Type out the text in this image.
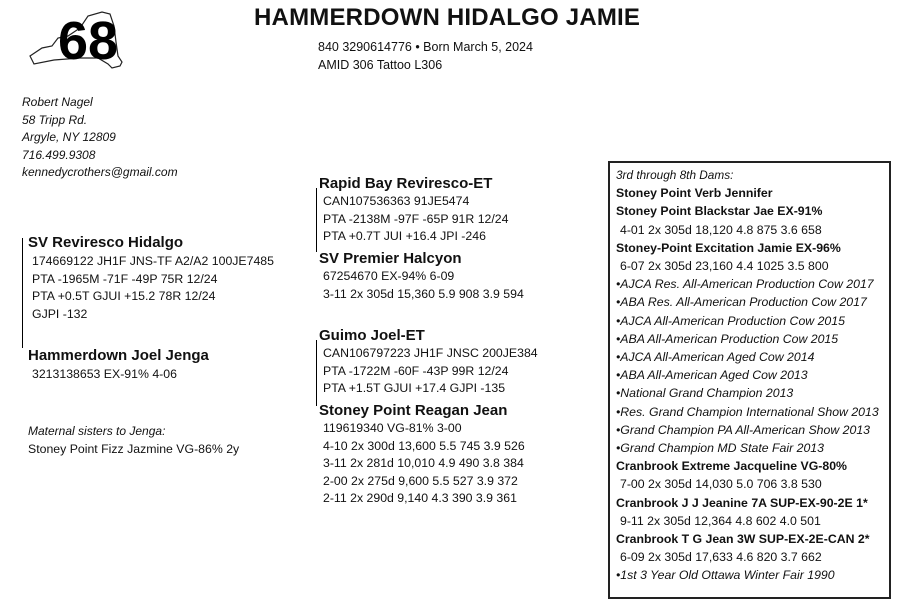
68	HAMMERDOWN HIDALGO JAMIE
840 3290614776 • Born March 5, 2024
AMID 306 Tattoo L306
Robert Nagel
58 Tripp Rd.
Argyle, NY 12809
716.499.9308
kennedycrothers@gmail.com
SV Reviresco Hidalgo
174669122 JH1F JNS-TF A2/A2 100JE7485
PTA -1965M -71F -49P 75R 12/24
PTA +0.5T GJUI +15.2 78R 12/24
GJPI -132
Hammerdown Joel Jenga
3213138653 EX-91% 4-06
Maternal sisters to Jenga:
Stoney Point Fizz Jazmine VG-86% 2y
Rapid Bay Reviresco-ET
CAN107536363 91JE5474
PTA -2138M -97F -65P 91R 12/24
PTA +0.7T JUI +16.4 JPI -246
SV Premier Halcyon
67254670 EX-94% 6-09
3-11 2x 305d 15,360 5.9 908 3.9 594
Guimo Joel-ET
CAN106797223 JH1F JNSC 200JE384
PTA -1722M -60F -43P 99R 12/24
PTA +1.5T GJUI +17.4 GJPI -135
Stoney Point Reagan Jean
119619340 VG-81% 3-00
4-10 2x 300d 13,600 5.5 745 3.9 526
3-11 2x 281d 10,010 4.9 490 3.8 384
2-00 2x 275d 9,600 5.5 527 3.9 372
2-11 2x 290d 9,140 4.3 390 3.9 361
3rd through 8th Dams:
Stoney Point Verb Jennifer
Stoney Point Blackstar Jae EX-91%
4-01 2x 305d 18,120 4.8 875 3.6 658
Stoney-Point Excitation Jamie EX-96%
6-07 2x 305d 23,160 4.4 1025 3.5 800
•AJCA Res. All-American Production Cow 2017
•ABA Res. All-American Production Cow 2017
•AJCA All-American Production Cow 2015
•ABA All-American Production Cow 2015
•AJCA All-American Aged Cow 2014
•ABA All-American Aged Cow 2013
•National Grand Champion 2013
•Res. Grand Champion International Show 2013
•Grand Champion PA All-American Show 2013
•Grand Champion MD State Fair 2013
Cranbrook Extreme Jacqueline VG-80%
7-00 2x 305d 14,030 5.0 706 3.8 530
Cranbrook J J Jeanine 7A SUP-EX-90-2E 1*
9-11 2x 305d 12,364 4.8 602 4.0 501
Cranbrook T G Jean 3W SUP-EX-2E-CAN 2*
6-09 2x 305d 17,633 4.6 820 3.7 662
•1st 3 Year Old Ottawa Winter Fair 1990
